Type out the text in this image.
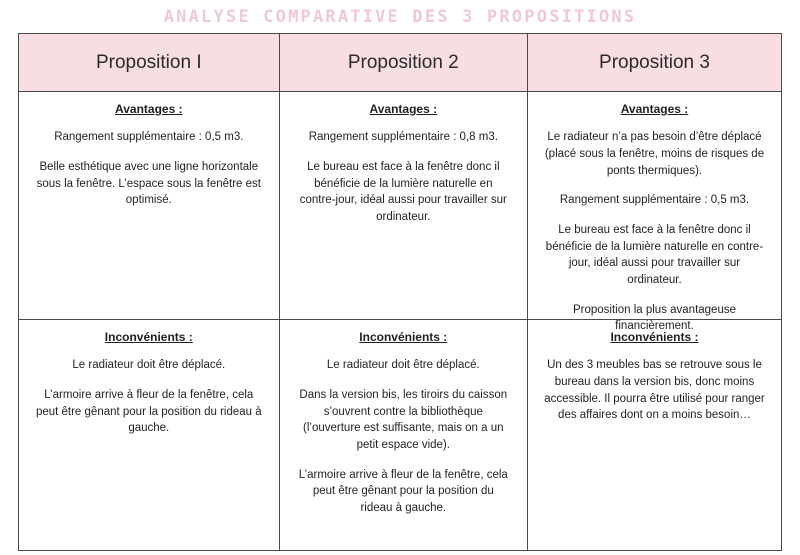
ANALYSE COMPARATIVE DES 3 PROPOSITIONS
Proposition I	Proposition 2	Proposition 3
Avantages :

Rangement supplémentaire : 0,5 m3.

Belle esthétique avec une ligne horizontale sous la fenêtre. L’espace sous la fenêtre est optimisé.

Avantages :

Rangement supplémentaire : 0,8 m3.

Le bureau est face à la fenêtre donc il bénéficie de la lumière naturelle en contre-jour, idéal aussi pour travailler sur ordinateur.

Avantages :

Le radiateur n’a pas besoin d’être déplacé (placé sous la fenêtre, moins de risques de ponts thermiques).

Rangement supplémentaire : 0,5 m3.

Le bureau est face à la fenêtre donc il bénéficie de la lumière naturelle en contre-jour, idéal aussi pour travailler sur ordinateur.

Proposition la plus avantageuse financièrement.

Inconvénients :

Le radiateur doit être déplacé.

L’armoire arrive à fleur de la fenêtre, cela peut être gênant pour la position du rideau à gauche.

Inconvénients :

Le radiateur doit être déplacé.

Dans la version bis, les tiroirs du caisson s’ouvrent contre la bibliothèque (l’ouverture est suffisante, mais on a un petit espace vide).

L’armoire arrive à fleur de la fenêtre, cela peut être gênant pour la position du rideau à gauche.

Inconvénients :

Un des 3 meubles bas se retrouve sous le bureau dans la version bis, donc moins accessible. Il pourra être utilisé pour ranger des affaires dont on a moins besoin…
